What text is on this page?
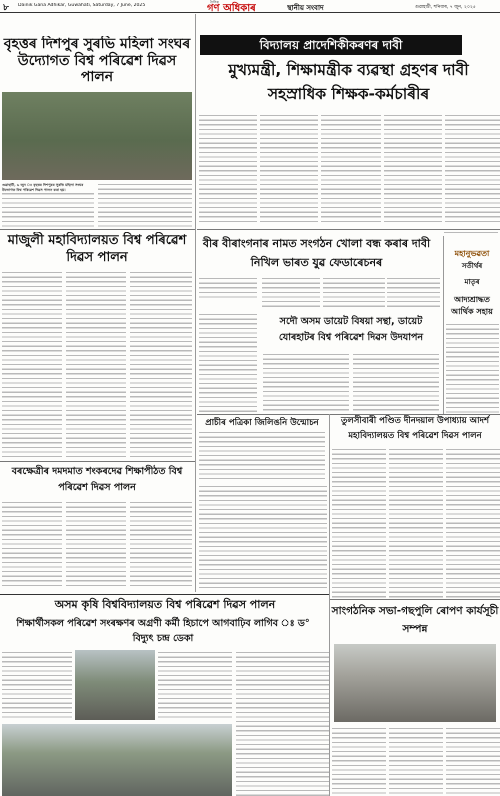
৮ Dainik Gana Adhikar, Guwahati, Saturday, 7 June, 2025
দৈনিক
গণ অধিকাৰ	স্থানীয় সংবাদ	গুৱাহাটী, শনিবাৰ, ৭ জুন, ২০২৫
বৃহত্তৰ দিশপুৰ সুৰভি মহিলা সংঘৰ উদ্যোগত বিশ্ব পৰিৱেশ দিৱস পালন
গুৱাহাটী, ৬ জুন ঃ বৃহত্তৰ দিশপুৰৰ সুৰভি মহিলা সংঘৰ উদ্যোগত বিশ্ব পৰিৱেশ দিৱস পালন কৰা হয়।
বিদ্যালয় প্ৰাদেশিকীকৰণৰ দাবী
মুখ্যমন্ত্ৰী, শিক্ষামন্ত্ৰীক ব্যৱস্থা গ্ৰহণৰ দাবী সহস্ৰাধিক শিক্ষক-কৰ্মচাৰীৰ
বীৰ বীৰাংগনাৰ নামত সংগঠন খোলা বন্ধ কৰাৰ দাবী নিখিল ভাৰত যুৱ ফেডাৰেচনৰ
মাজুলী মহাবিদ্যালয়ত বিশ্ব পৰিৱেশ দিৱস পালন
সদৌ অসম ডায়েট বিষয়া সন্থা, ডায়েট যোৰহাটৰ বিশ্ব পৰিৱেশ দিৱস উদযাপন
প্ৰাচীৰ পত্ৰিকা জিলিঙনি উন্মোচন	তুলসীবাৰী পণ্ডিত দীনদয়াল উপাধ্যায় আদৰ্শ মহাবিদ্যালয়ত বিশ্ব পৰিৱেশ দিৱস পালন
মহানুভৱতা
সতীৰ্থৰ
মাতৃৰ
আদ্যশ্ৰাদ্ধত আৰ্থিক সহায়
বৰক্ষেত্ৰীৰ দমদমাত শংকৰদেৱ শিক্ষাপীঠত বিশ্ব পৰিৱেশ দিৱস পালন
অসম কৃষি বিশ্ববিদ্যালয়ত বিশ্ব পৰিৱেশ দিৱস পালন
শিক্ষাৰ্থীসকল পৰিৱেশ সংৰক্ষণৰ অগ্ৰণী কৰ্মী হিচাপে আগবাঢ়িব লাগিব ঃ ড° বিদ্যুৎ চন্দ্ৰ ডেকা
সাংগঠনিক সভা-গছপুলি ৰোপণ কাৰ্যসূচী সম্পন্ন
